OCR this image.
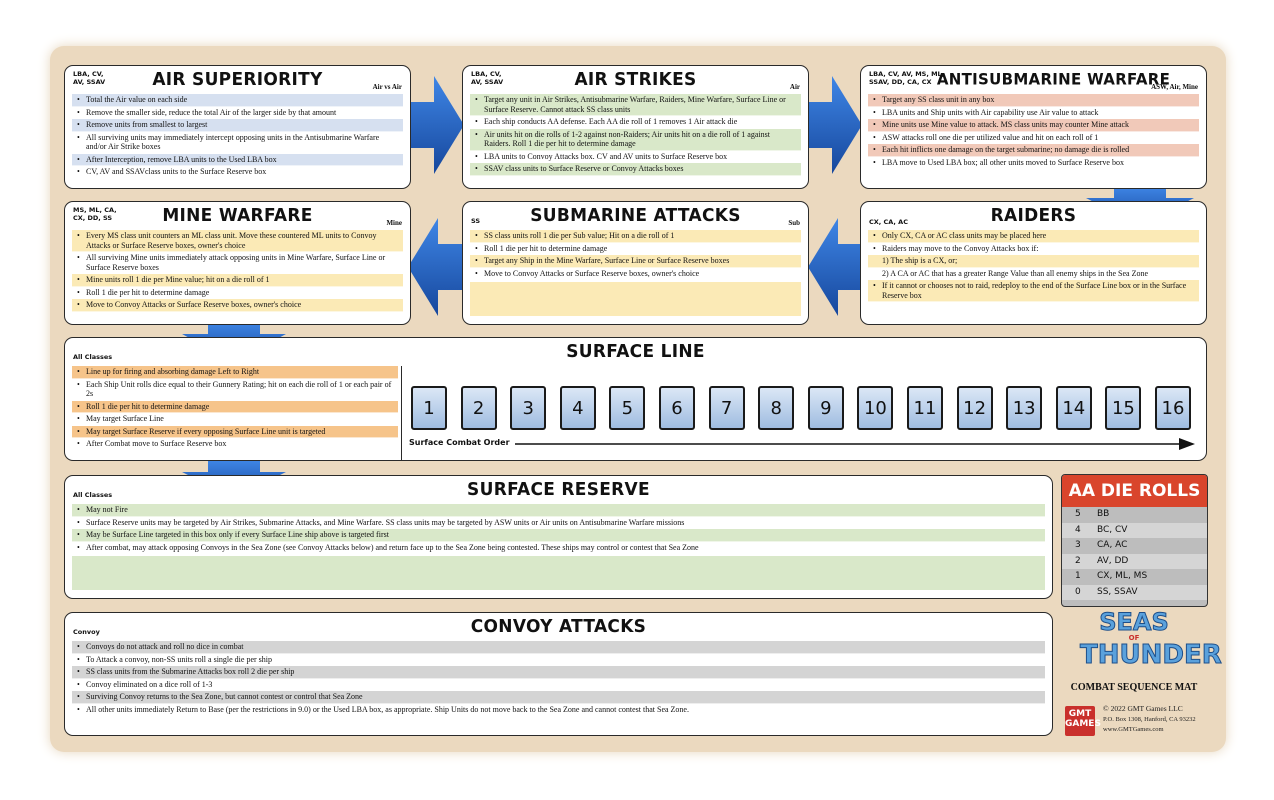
LBA, CV,
AV, SSAV	AIR SUPERIORITY	Air vs Air
• Total the Air value on each side
• Remove the smaller side, reduce the total Air of the larger side by that amount
• Remove units from smallest to largest
• All surviving units may immediately intercept opposing units in the Antisubmarine Warfare and/or Air Strike boxes
• After Interception, remove LBA units to the Used LBA box
• CV, AV and SSAVclass units to the Surface Reserve box
LBA, CV,
AV, SSAV	AIR STRIKES	Air
• Target any unit in Air Strikes, Antisubmarine Warfare, Raiders, Mine Warfare, Surface Line or Surface Reserve. Cannot attack SS class units
• Each ship conducts AA defense. Each AA die roll of 1 removes 1 Air attack die
• Air units hit on die rolls of 1-2 against non-Raiders; Air units hit on a die roll of 1 against Raiders. Roll 1 die per hit to determine damage
• LBA units to Convoy Attacks box. CV and AV units to Surface Reserve box
• SSAV class units to Surface Reserve or Convoy Attacks boxes
LBA, CV, AV, MS, ML,
SSAV, DD, CA, CX ANTISUBMARINE WARFARE
ASW, Air, Mine
• Target any SS class unit in any box
• LBA units and Ship units with Air capability use Air value to attack
• Mine units use Mine value to attack. MS class units may counter Mine attack
• ASW attacks roll one die per utilized value and hit on each roll of 1
• Each hit inflicts one damage on the target submarine; no damage die is rolled
• LBA move to Used LBA box; all other units moved to Surface Reserve box
MS, ML, CA,
CX, DD, SS	MINE WARFARE	Mine
• Every MS class unit counters an ML class unit. Move these countered ML units to Convoy Attacks or Surface Reserve boxes, owner's choice
• All surviving Mine units immediately attack opposing units in Mine Warfare, Surface Line or Surface Reserve boxes
• Mine units roll 1 die per Mine value; hit on a die roll of 1
• Roll 1 die per hit to determine damage
• Move to Convoy Attacks or Surface Reserve boxes, owner's choice
SS	SUBMARINE ATTACKS	Sub
• SS class units roll 1 die per Sub value; Hit on a die roll of 1
• Roll 1 die per hit to determine damage
• Target any Ship in the Mine Warfare, Surface Line or Surface Reserve boxes
• Move to Convoy Attacks or Surface Reserve boxes, owner's choice
CX, CA, AC	RAIDERS
• Only CX, CA or AC class units may be placed here
• Raiders may move to the Convoy Attacks box if:
1) The ship is a CX, or;
2) A CA or AC that has a greater Range Value than all enemy ships in the Sea Zone
• If it cannot or chooses not to raid, redeploy to the end of the Surface Line box or in the Surface Reserve box
All Classes	SURFACE LINE
• Line up for firing and absorbing damage Left to Right
• Each Ship Unit rolls dice equal to their Gunnery Rating; hit on each die roll of 1 or each pair of 2s
• Roll 1 die per hit to determine damage
• May target Surface Line
• May target Surface Reserve if every opposing Surface Line unit is targeted
• After Combat move to Surface Reserve box
1	2	3	4	5	6	7	8	9	10	11	12	13	14	15	16
Surface Combat Order
All Classes	SURFACE RESERVE
• May not Fire
• Surface Reserve units may be targeted by Air Strikes, Submarine Attacks, and Mine Warfare. SS class units may be targeted by ASW units or Air units on Antisubmarine Warfare missions
• May be Surface Line targeted in this box only if every Surface Line ship above is targeted first
• After combat, may attack opposing Convoys in the Sea Zone (see Convoy Attacks below) and return face up to the Sea Zone being contested. These ships may control or contest that Sea Zone
Convoy	CONVOY ATTACKS
• Convoys do not attack and roll no dice in combat
• To Attack a convoy, non-SS units roll a single die per ship
• SS class units from the Submarine Attacks box roll 2 die per ship
• Convoy eliminated on a dice roll of 1-3
• Surviving Convoy returns to the Sea Zone, but cannot contest or control that Sea Zone
• All other units immediately Return to Base (per the restrictions in 9.0) or the Used LBA box, as appropriate. Ship Units do not move back to the Sea Zone and cannot contest that Sea Zone.
AA DIE ROLLS
5 BB
4 BC, CV
3 CA, AC
2 AV, DD
1 CX, ML, MS
0 SS, SSAV
SEAS
OF
THUNDER
COMBAT SEQUENCE MAT
GMT GAMES
© 2022 GMT Games LLC
P.O. Box 1308, Hanford, CA 93232
www.GMTGames.com
